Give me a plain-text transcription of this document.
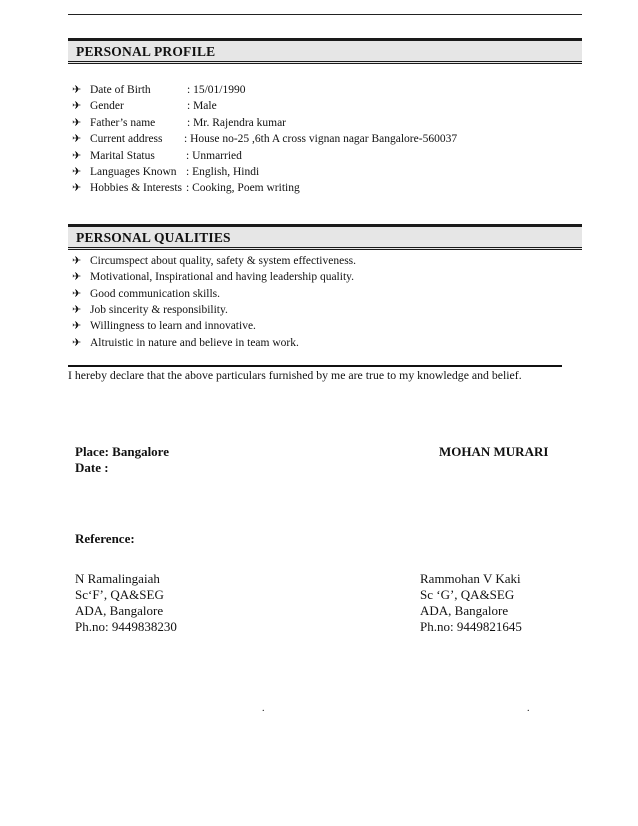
PERSONAL PROFILE
✈ Date of Birth	: 15/01/1990
✈ Gender	: Male
✈ Father’s name	: Mr. Rajendra kumar
✈ Current address : House no-25 ,6th A cross vignan nagar Bangalore-560037
✈ Marital Status	: Unmarried
✈ Languages Known : English, Hindi
✈ Hobbies & Interests : Cooking, Poem writing
PERSONAL QUALITIES
✈ Circumspect about quality, safety & system effectiveness.
✈ Motivational, Inspirational and having leadership quality.
✈ Good communication skills.
✈ Job sincerity & responsibility.
✈ Willingness to learn and innovative.
✈ Altruistic in nature and believe in team work.
I hereby declare that the above particulars furnished by me are true to my knowledge and belief.
Place: Bangalore
Date :
MOHAN MURARI
Reference:
N Ramalingaiah
Sc‘F’, QA&SEG
ADA, Bangalore
Ph.no: 9449838230
Rammohan V Kaki
Sc ‘G’, QA&SEG
ADA, Bangalore
Ph.no: 9449821645
.	.
